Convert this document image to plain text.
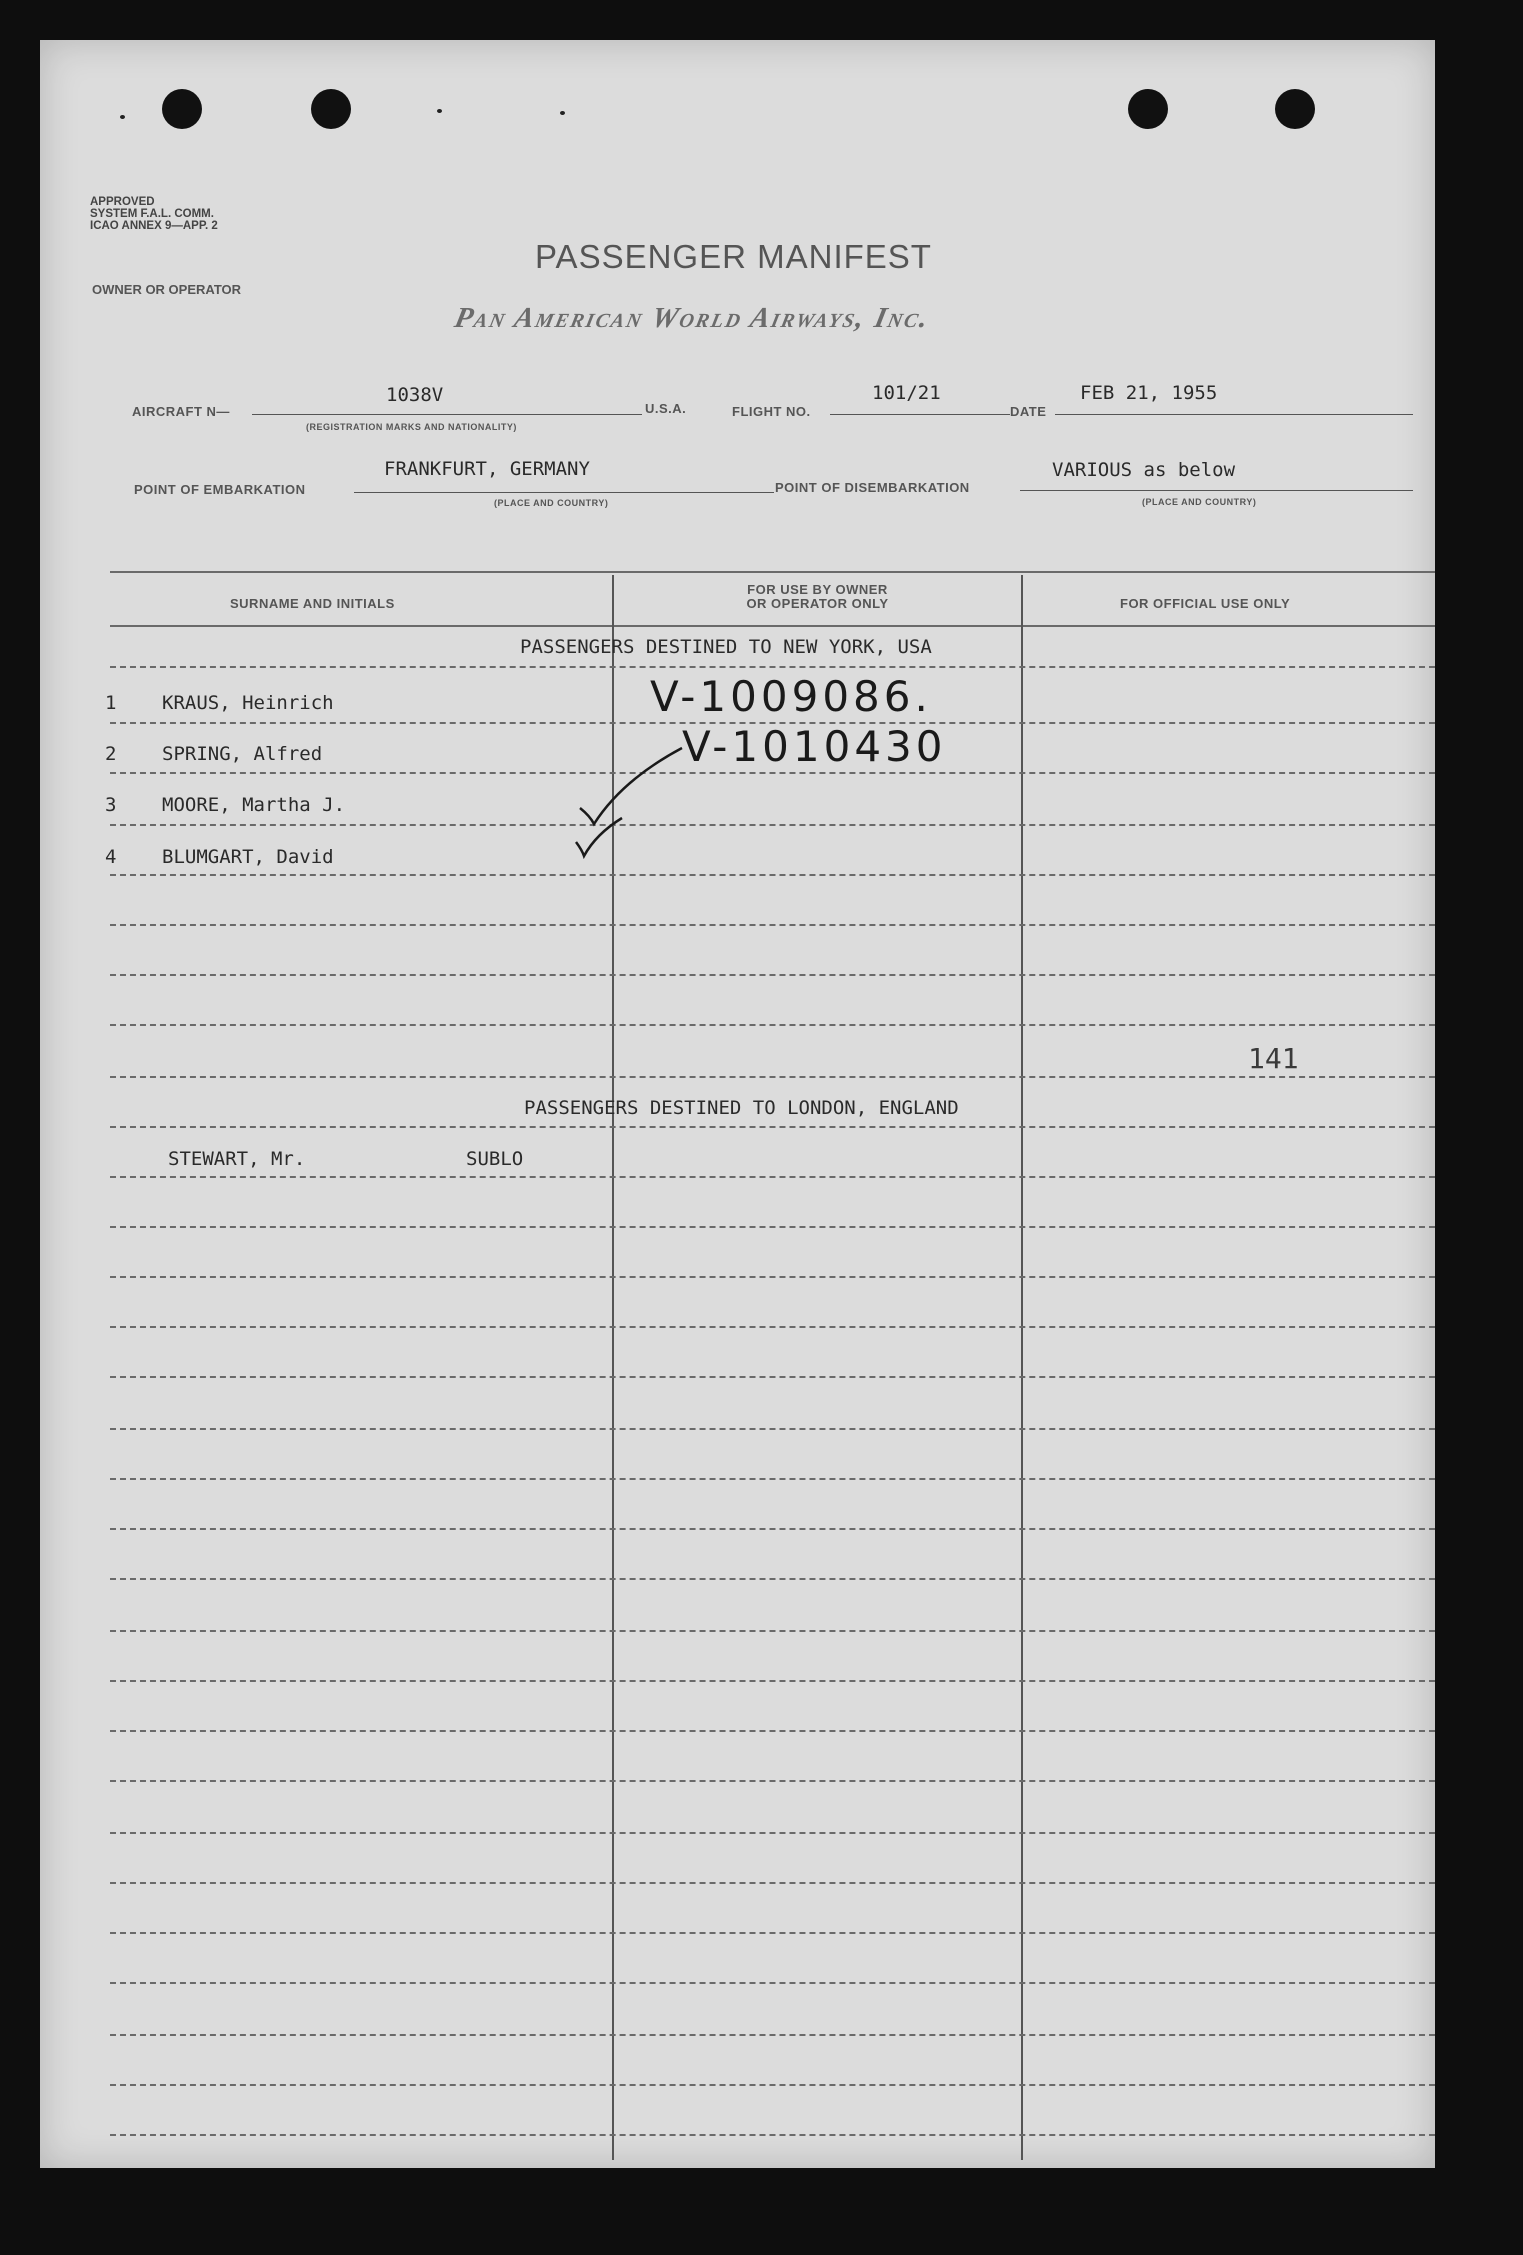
APPROVED
SYSTEM F.A.L. COMM.
ICAO ANNEX 9—APP. 2
PASSENGER MANIFEST
OWNER OR OPERATOR
Pan American World Airways, Inc.
AIRCRAFT N—
1038V
(REGISTRATION MARKS AND NATIONALITY)
U.S.A.	FLIGHT NO.
101/21
DATE
FEB 21, 1955
POINT OF EMBARKATION
FRANKFURT, GERMANY
(PLACE AND COUNTRY)
POINT OF DISEMBARKATION
VARIOUS as below
(PLACE AND COUNTRY)
SURNAME AND INITIALS
FOR USE BY OWNER
OR OPERATOR ONLY	FOR OFFICIAL USE ONLY
PASSENGERS DESTINED TO NEW YORK, USA
1 KRAUS, Heinrich	V-1009086.
2 SPRING, Alfred	V-1010430
3 MOORE, Martha J.
4 BLUMGART, David
141
PASSENGERS DESTINED TO LONDON, ENGLAND
STEWART, Mr.	SUBLO
